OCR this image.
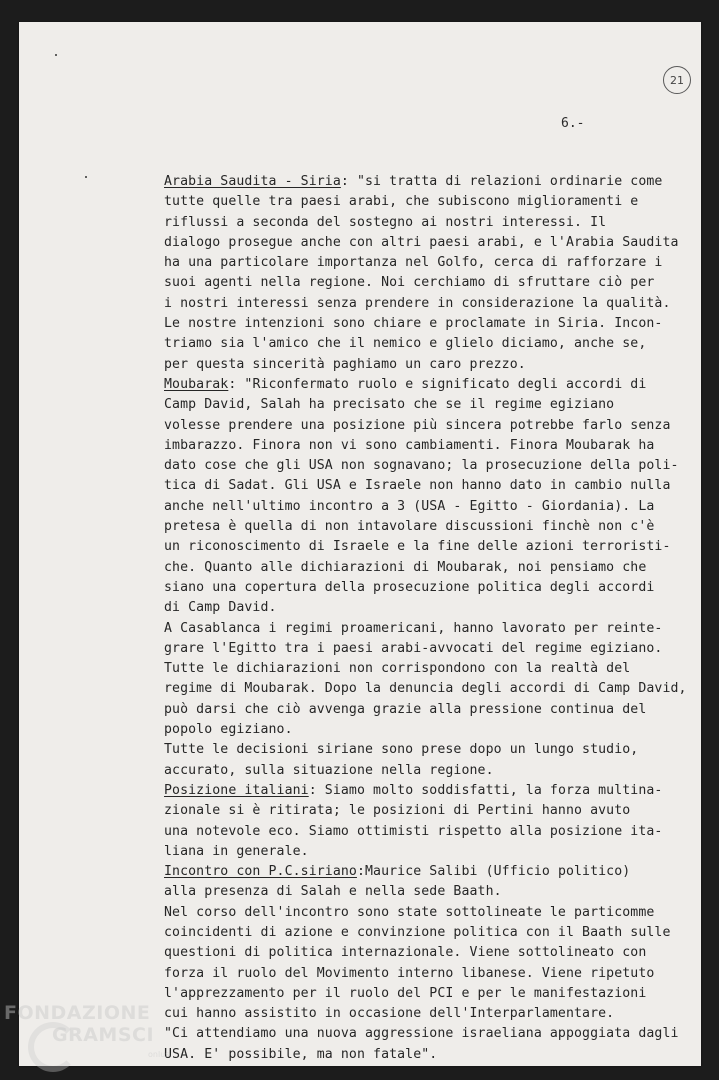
21
6.-
Arabia Saudita - Siria: "si tratta di relazioni ordinarie come
tutte quelle tra paesi arabi, che subiscono miglioramenti e
riflussi a seconda del sostegno ai nostri interessi. Il
dialogo prosegue anche con altri paesi arabi, e l'Arabia Saudita
ha una particolare importanza nel Golfo, cerca di rafforzare i
suoi agenti nella regione. Noi cerchiamo di sfruttare ciò per
i nostri interessi senza prendere in considerazione la qualità.
Le nostre intenzioni sono chiare e proclamate in Siria. Incon-
triamo sia l'amico che il nemico e glielo diciamo, anche se,
per questa sincerità paghiamo un caro prezzo.
Moubarak: "Riconfermato ruolo e significato degli accordi di
Camp David, Salah ha precisato che se il regime egiziano
volesse prendere una posizione più sincera potrebbe farlo senza
imbarazzo. Finora non vi sono cambiamenti. Finora Moubarak ha
dato cose che gli USA non sognavano; la prosecuzione della poli-
tica di Sadat. Gli USA e Israele non hanno dato in cambio nulla
anche nell'ultimo incontro a 3 (USA - Egitto - Giordania). La
pretesa è quella di non intavolare discussioni finchè non c'è
un riconoscimento di Israele e la fine delle azioni terroristi-
che. Quanto alle dichiarazioni di Moubarak, noi pensiamo che
siano una copertura della prosecuzione politica degli accordi
di Camp David.
A Casablanca i regimi proamericani, hanno lavorato per reinte-
grare l'Egitto tra i paesi arabi-avvocati del regime egiziano.
Tutte le dichiarazioni non corrispondono con la realtà del
regime di Moubarak. Dopo la denuncia degli accordi di Camp David,
può darsi che ciò avvenga grazie alla pressione continua del
popolo egiziano.
Tutte le decisioni siriane sono prese dopo un lungo studio,
accurato, sulla situazione nella regione.
Posizione italiani: Siamo molto soddisfatti, la forza multina-
zionale si è ritirata; le posizioni di Pertini hanno avuto
una notevole eco. Siamo ottimisti rispetto alla posizione ita-
liana in generale.
Incontro con P.C.siriano:Maurice Salibi (Ufficio politico)
alla presenza di Salah e nella sede Baath.
Nel corso dell'incontro sono state sottolineate le particomme
coincidenti di azione e convinzione politica con il Baath sulle
questioni di politica internazionale. Viene sottolineato con
forza il ruolo del Movimento interno libanese. Viene ripetuto
l'apprezzamento per il ruolo del PCI e per le manifestazioni
cui hanno assistito in occasione dell'Interparlamentare.
"Ci attendiamo una nuova aggressione israeliana appoggiata dagli
USA. E' possibile, ma non fatale".
FONDAZIONE
GRAMSCI
onlus
